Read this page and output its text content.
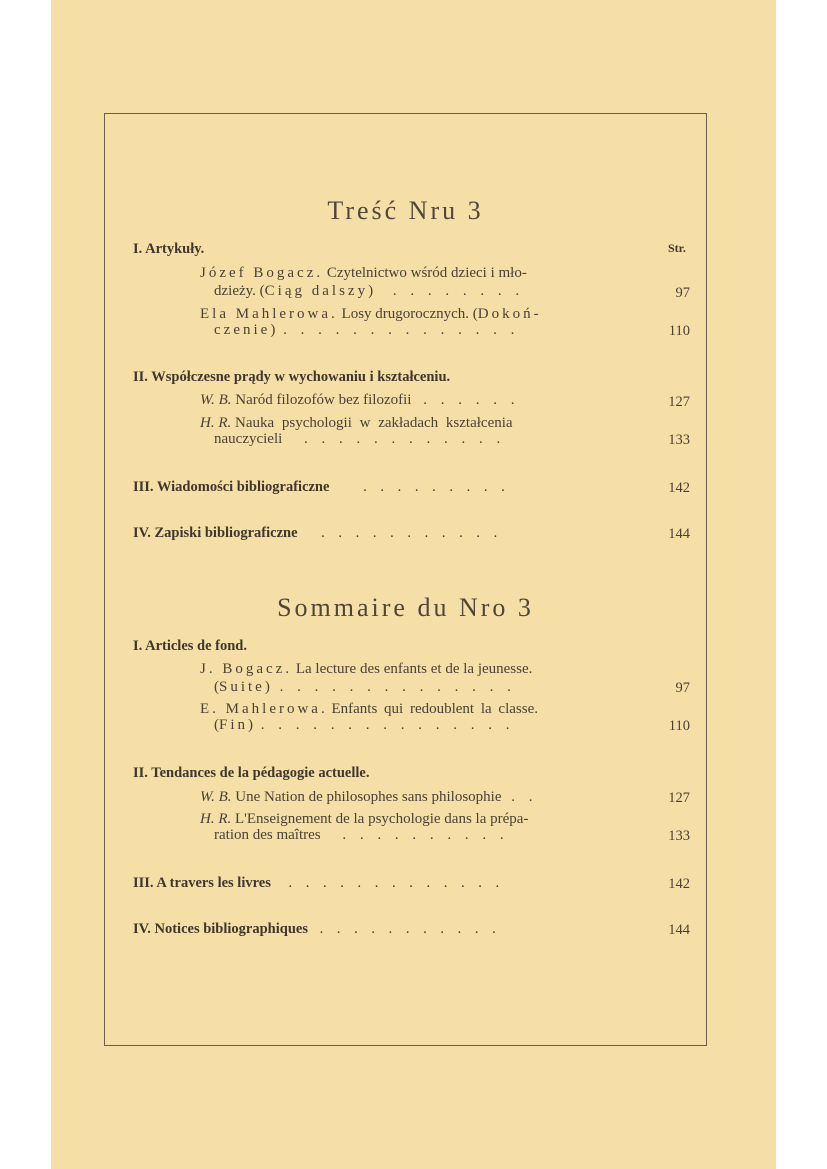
Treść Nru 3
I. Artykuły.	Str.
Józef Bogacz. Czytelnictwo wśród dzieci i mło-
dzieży. (Ciąg dalszy) . . . . . . . .	97
Ela Mahlerowa. Losy drugorocznych. (Dokoń-
czenie) . . . . . . . . . . . . . .	110
II. Współczesne prądy w wychowaniu i kształceniu.
W. B. Naród filozofów bez filozofii . . . . . .	127
H. R. Nauka psychologii w zakładach kształcenia
nauczycieli . . . . . . . . . . . .	133
III. Wiadomości bibliograficzne . . . . . . . . .	142
IV. Zapiski bibliograficzne . . . . . . . . . . .	144
Sommaire du Nro 3
I. Articles de fond.
J. Bogacz. La lecture des enfants et de la jeunesse.
(Suite) . . . . . . . . . . . . . .	97
E. Mahlerowa. Enfants qui redoublent la classe.
(Fin) . . . . . . . . . . . . . . .	110
II. Tendances de la pédagogie actuelle.
W. B. Une Nation de philosophes sans philosophie . .	127
H. R. L'Enseignement de la psychologie dans la prépa-
ration des maîtres . . . . . . . . . .	133
III. A travers les livres . . . . . . . . . . . . .	142
IV. Notices bibliographiques . . . . . . . . . . .	144
